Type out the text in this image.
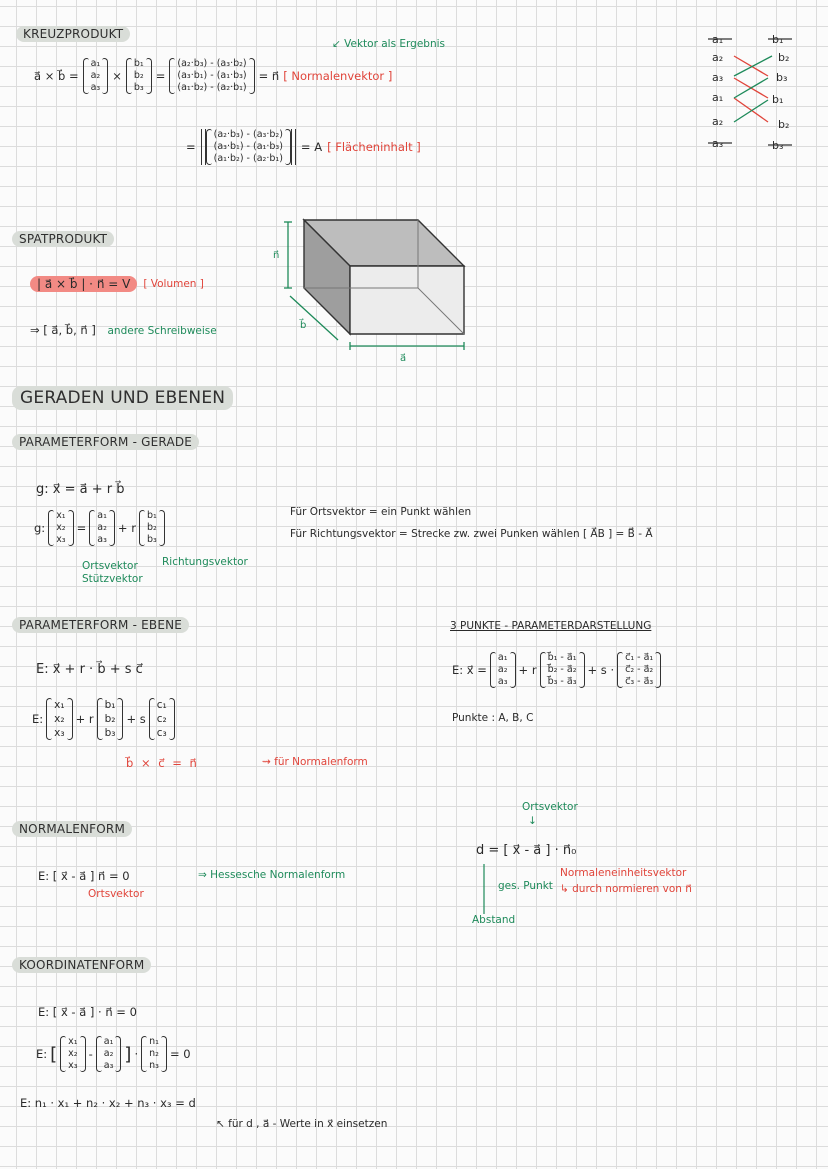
KREUZPRODUKT
a⃗ × b⃗ =
a₁
a₂
a₃
×
b₁
b₂
b₃
=
(a₂·b₃) - (a₃·b₂)
(a₃·b₁) - (a₁·b₃)
(a₁·b₂) - (a₂·b₁)
= n⃗ [ Normalenvektor ]
↙ Vektor als Ergebnis
=
(a₂·b₃) - (a₃·b₂)
(a₃·b₁) - (a₁·b₃)
(a₁·b₂) - (a₂·b₁)
= A [ Flächeninhalt ]
a₁
a₂
a₃
a₁
a₂
a₃
b₁
b₂
b₃
b₁
b₂
b₃
SPATPRODUKT
| a⃗ × b⃗ | · n⃗ = V	[ Volumen ]
⇒ [ a⃗, b⃗, n⃗ ] andere Schreibweise
n⃗
b⃗
a⃗
GERADEN UND EBENEN
PARAMETERFORM - GERADE
g: x⃗ = a⃗ + r b⃗
g:
x₁
x₂
x₃
=
a₁
a₂
a₃
+ r
b₁
b₂
b₃
Ortsvektor
Stützvektor
Richtungsvektor
Für Ortsvektor = ein Punkt wählen
Für Richtungsvektor = Strecke zw. zwei Punken wählen [ A⃗B ] = B⃗ - A⃗
PARAMETERFORM - EBENE
E: x⃗ + r · b⃗ + s c⃗
E:
x₁
x₂
x₃
+ r
b₁
b₂
b₃
+ s
c₁
c₂
c₃
b⃗ × c⃗ = n⃗	⇝ für Normalenform
3 PUNKTE - PARAMETERDARSTELLUNG
E: x⃗ =
a₁
a₂
a₃
+ r
b⃗₁ - a⃗₁
b⃗₂ - a⃗₂
b⃗₃ - a⃗₃
+ s ·
c⃗₁ - a⃗₁
c⃗₂ - a⃗₂
c⃗₃ - a⃗₃
Punkte : A, B, C
NORMALENFORM
E: [ x⃗ - a⃗ ] n⃗ = 0
Ortsvektor
⇒ Hessesche Normalenform
Ortsvektor
↓
d = [ x⃗ - a⃗ ] · n⃗₀
ges. Punkt
Normaleneinheitsvektor
↳ durch normieren von n⃗
Abstand
KOORDINATENFORM
E: [ x⃗ - a⃗ ] · n⃗ = 0
E: [
x₁
x₂
x₃
-
a₁
a₂
a₃
] ·
n₁
n₂
n₃
= 0
E: n₁ · x₁ + n₂ · x₂ + n₃ · x₃ = d
↖ für d , a⃗ - Werte in x⃗ einsetzen
